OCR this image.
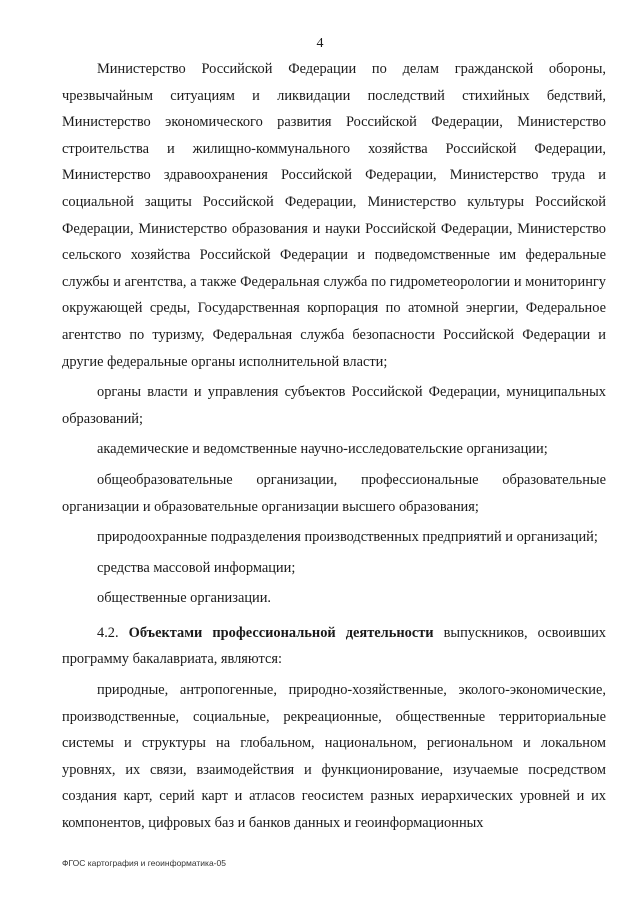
4

Министерство Российской Федерации по делам гражданской обороны, чрезвычайным ситуациям и ликвидации последствий стихийных бедствий, Министерство экономического развития Российской Федерации, Министерство строительства и жилищно-коммунального хозяйства Российской Федерации, Министерство здравоохранения Российской Федерации, Министерство труда и социальной защиты Российской Федерации, Министерство культуры Российской Федерации, Министерство образования и науки Российской Федерации, Министерство сельского хозяйства Российской Федерации и подведомственные им федеральные службы и агентства, а также Федеральная служба по гидрометеорологии и мониторингу окружающей среды, Государственная корпорация по атомной энергии, Федеральное агентство по туризму, Федеральная служба безопасности Российской Федерации и другие федеральные органы исполнительной власти;

органы власти и управления субъектов Российской Федерации, муниципальных образований;

академические и ведомственные научно-исследовательские организации;

общеобразовательные организации, профессиональные образовательные организации и образовательные организации высшего образования;

природоохранные подразделения производственных предприятий и организаций;

средства массовой информации;

общественные организации.

4.2. Объектами профессиональной деятельности выпускников, освоивших программу бакалавриата, являются:

природные, антропогенные, природно-хозяйственные, эколого-экономические, производственные, социальные, рекреационные, общественные территориальные системы и структуры на глобальном, национальном, региональном и локальном уровнях, их связи, взаимодействия и функционирование, изучаемые посредством создания карт, серий карт и атласов геосистем разных иерархических уровней и их компонентов, цифровых баз и банков данных и геоинформационных

ФГОС картография и геоинформатика-05
